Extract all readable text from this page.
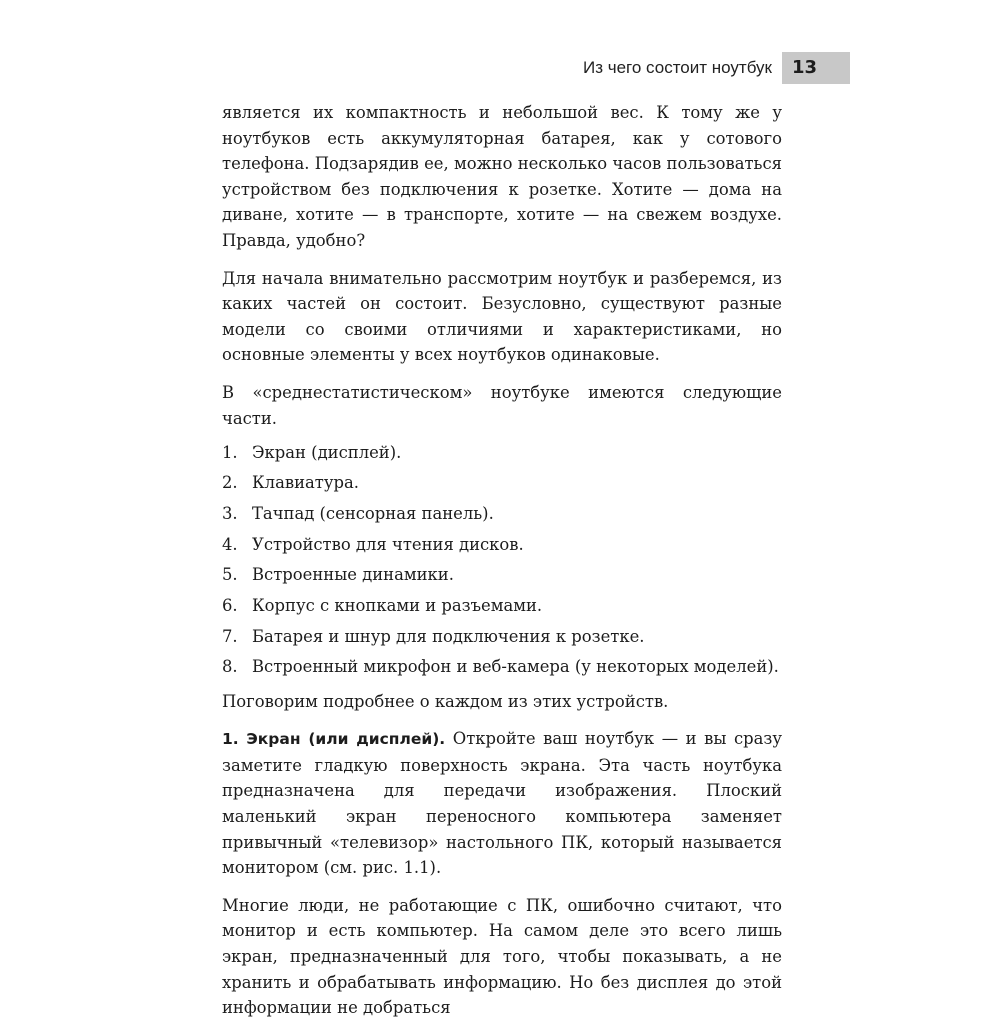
Из чего состоит ноутбук	13

является их компактность и небольшой вес. К тому же у ноутбуков есть аккумуляторная батарея, как у сотового телефона. Подзарядив ее, можно несколько часов пользоваться устройством без подключения к розетке. Хотите — дома на диване, хотите — в транспорте, хотите — на свежем воздухе. Правда, удобно?

Для начала внимательно рассмотрим ноутбук и разберемся, из каких частей он состоит. Безусловно, существуют разные модели со своими отличиями и характеристиками, но основные элементы у всех ноутбуков одинаковые.

В «среднестатистическом» ноутбуке имеются следующие части.

1. Экран (дисплей).
2. Клавиатура.
3. Тачпад (сенсорная панель).
4. Устройство для чтения дисков.
5. Встроенные динамики.
6. Корпус с кнопками и разъемами.
7. Батарея и шнур для подключения к розетке.
8. Встроенный микрофон и веб-камера (у некоторых моделей).

Поговорим подробнее о каждом из этих устройств.

1. Экран (или дисплей). Откройте ваш ноутбук — и вы сразу заметите гладкую поверхность экрана. Эта часть ноутбука предназначена для передачи изображения. Плоский маленький экран переносного компьютера заменяет привычный «телевизор» настольного ПК, который называется монитором (см. рис. 1.1).

Многие люди, не работающие с ПК, ошибочно считают, что монитор и есть компьютер. На самом деле это всего лишь экран, предназначенный для того, чтобы показывать, а не хранить и обрабатывать информацию. Но без дисплея до этой информации не добраться
